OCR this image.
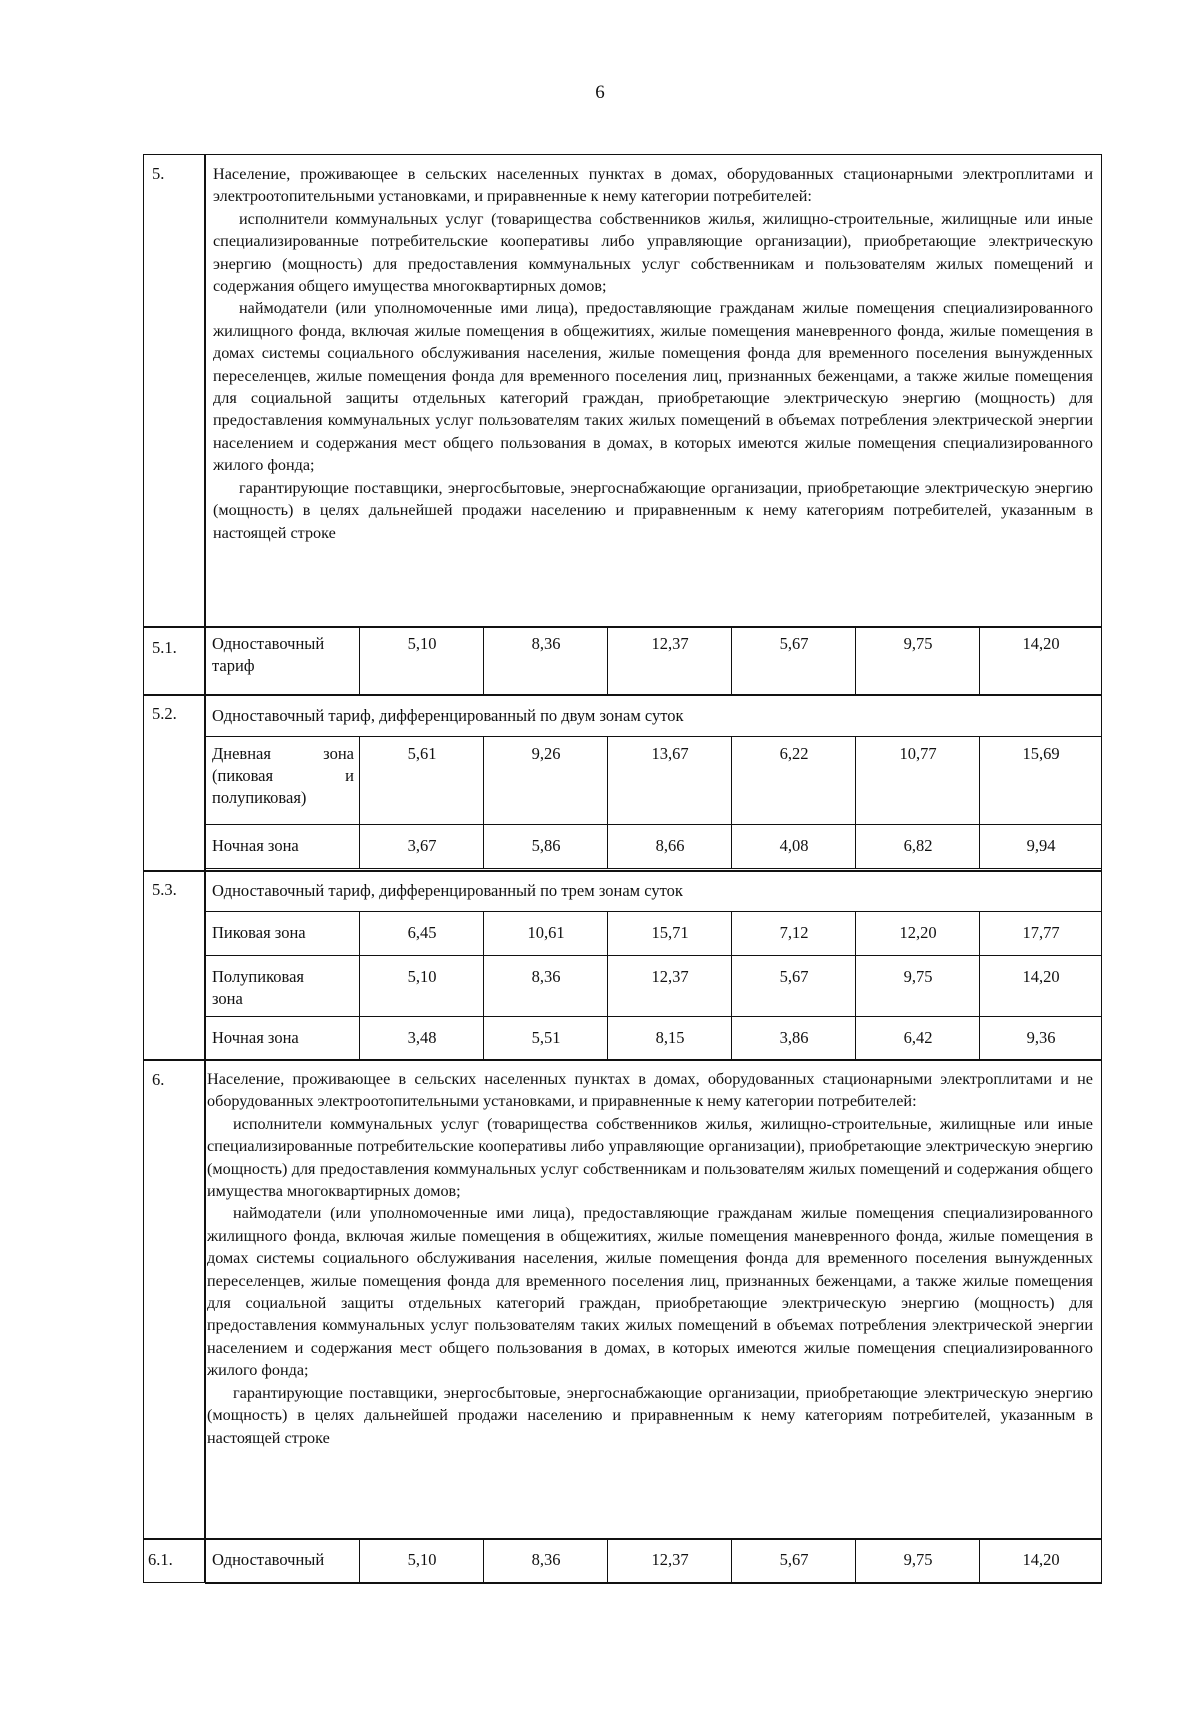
6
5.	Население, проживающее в сельских населенных пунктах в домах, оборудованных стационарными электроплитами и электроотопительными установками, и приравненные к нему категории потребителей:

исполнители коммунальных услуг (товарищества собственников жилья, жилищно-строительные, жилищные или иные специализированные потребительские кооперативы либо управляющие организации), приобретающие электрическую энергию (мощность) для предоставления коммунальных услуг собственникам и пользователям жилых помещений и содержания общего имущества многоквартирных домов;

наймодатели (или уполномоченные ими лица), предоставляющие гражданам жилые помещения специализированного жилищного фонда, включая жилые помещения в общежитиях, жилые помещения маневренного фонда, жилые помещения в домах системы социального обслуживания населения, жилые помещения фонда для временного поселения вынужденных переселенцев, жилые помещения фонда для временного поселения лиц, признанных беженцами, а также жилые помещения для социальной защиты отдельных категорий граждан, приобретающие электрическую энергию (мощность) для предоставления коммунальных услуг пользователям таких жилых помещений в объемах потребления электрической энергии населением и содержания мест общего пользования в домах, в которых имеются жилые помещения специализированного жилого фонда;

гарантирующие поставщики, энергосбытовые, энергоснабжающие организации, приобретающие электрическую энергию (мощность) в целях дальнейшей продажи населению и приравненным к нему категориям потребителей, указанным в настоящей строке

5.1. Одноставочный
тариф
	5,10	8,36	12,37	5,67	9,75	14,20
5.2. Одноставочный тариф, дифференцированный по двум зонам суток						

Дневная зона
(пиковая и
полупиковая)	5,61	9,26	13,67	6,22	10,77	15,69
Ночная зона	3,67	5,86	8,66	4,08	6,82	9,94
5.3. Одноставочный тариф, дифференцированный по трем зонам суток						
Пиковая зона	6,45	10,61	15,71	7,12	12,20	17,77

Полупиковая
зона	5,10	8,36	12,37	5,67	9,75	14,20
Ночная зона	3,48	5,51	8,15	3,86	6,42	9,36
6.	Население, проживающее в сельских населенных пунктах в домах, оборудованных стационарными электроплитами и не оборудованных электроотопительными установками, и приравненные к нему категории потребителей:

исполнители коммунальных услуг (товарищества собственников жилья, жилищно-строительные, жилищные или иные специализированные потребительские кооперативы либо управляющие организации), приобретающие электрическую энергию (мощность) для предоставления коммунальных услуг собственникам и пользователям жилых помещений и содержания общего имущества многоквартирных домов;

наймодатели (или уполномоченные ими лица), предоставляющие гражданам жилые помещения специализированного жилищного фонда, включая жилые помещения в общежитиях, жилые помещения маневренного фонда, жилые помещения в домах системы социального обслуживания населения, жилые помещения фонда для временного поселения вынужденных переселенцев, жилые помещения фонда для временного поселения лиц, признанных беженцами, а также жилые помещения для социальной защиты отдельных категорий граждан, приобретающие электрическую энергию (мощность) для предоставления коммунальных услуг пользователям таких жилых помещений в объемах потребления электрической энергии населением и содержания мест общего пользования в домах, в которых имеются жилые помещения специализированного жилого фонда;

гарантирующие поставщики, энергосбытовые, энергоснабжающие организации, приобретающие электрическую энергию (мощность) в целях дальнейшей продажи населению и приравненным к нему категориям потребителей, указанным в настоящей строке

6.1. Одноставочный	5,10	8,36	12,37	5,67	9,75	14,20
